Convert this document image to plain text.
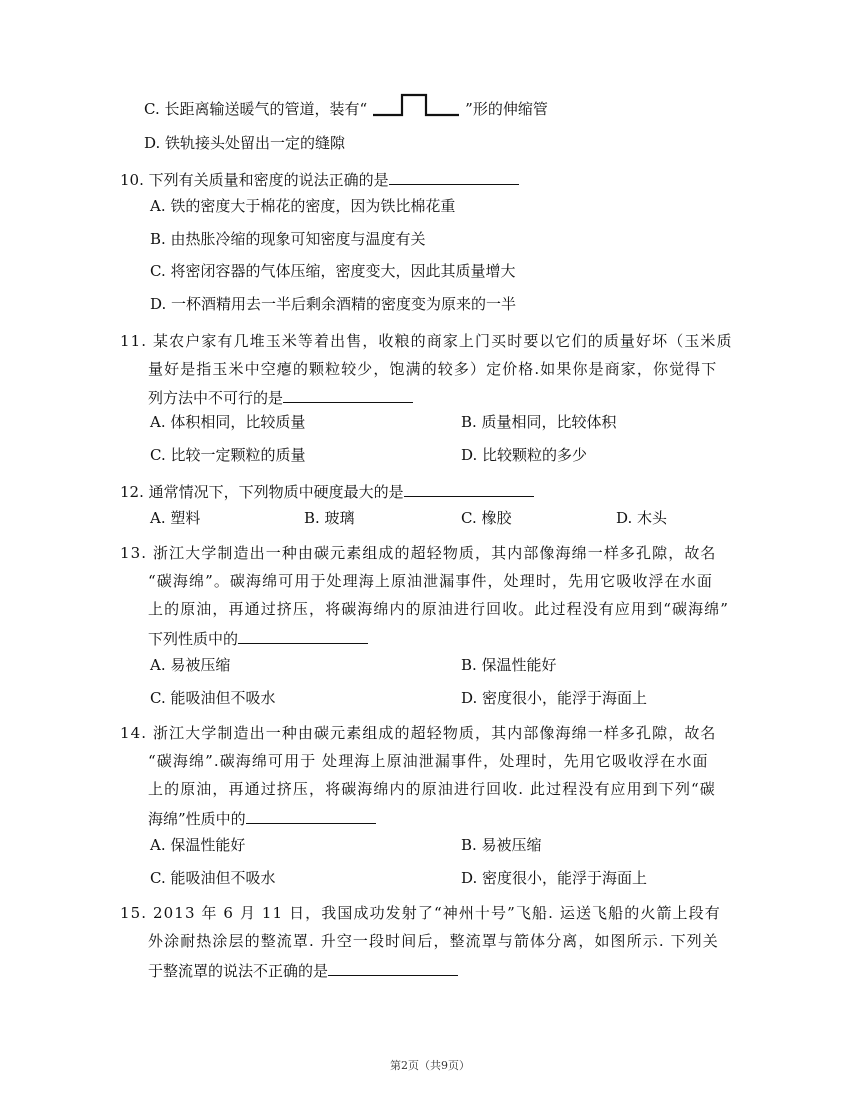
C. 长距离输送暖气的管道，装有“	”形的伸缩管
D. 铁轨接头处留出一定的缝隙
10. 下列有关质量和密度的说法正确的是
A. 铁的密度大于棉花的密度，因为铁比棉花重
B. 由热胀冷缩的现象可知密度与温度有关
C. 将密闭容器的气体压缩，密度变大，因此其质量增大
D. 一杯酒精用去一半后剩余酒精的密度变为原来的一半
11. 某农户家有几堆玉米等着出售，收粮的商家上门买时要以它们的质量好坏（玉米质
量好是指玉米中空瘪的颗粒较少，饱满的较多）定价格.如果你是商家，你觉得下
列方法中不可行的是
A. 体积相同，比较质量	B. 质量相同，比较体积
C. 比较一定颗粒的质量	D. 比较颗粒的多少
12. 通常情况下，下列物质中硬度最大的是
A. 塑料	B. 玻璃	C. 橡胶	D. 木头
13. 浙江大学制造出一种由碳元素组成的超轻物质，其内部像海绵一样多孔隙，故名
“碳海绵”。碳海绵可用于处理海上原油泄漏事件，处理时，先用它吸收浮在水面
上的原油，再通过挤压，将碳海绵内的原油进行回收。此过程没有应用到“碳海绵”
下列性质中的
A. 易被压缩	B. 保温性能好
C. 能吸油但不吸水	D. 密度很小，能浮于海面上
14. 浙江大学制造出一种由碳元素组成的超轻物质，其内部像海绵一样多孔隙，故名
“碳海绵”.碳海绵可用于 处理海上原油泄漏事件，处理时，先用它吸收浮在水面
上的原油，再通过挤压，将碳海绵内的原油进行回收. 此过程没有应用到下列“碳
海绵”性质中的
A. 保温性能好	B. 易被压缩
C. 能吸油但不吸水	D. 密度很小，能浮于海面上
15. 2013 年 6 月 11 日，我国成功发射了“神州十号”飞船. 运送飞船的火箭上段有
外涂耐热涂层的整流罩. 升空一段时间后，整流罩与箭体分离，如图所示. 下列关
于整流罩的说法不正确的是
第2页（共9页）
